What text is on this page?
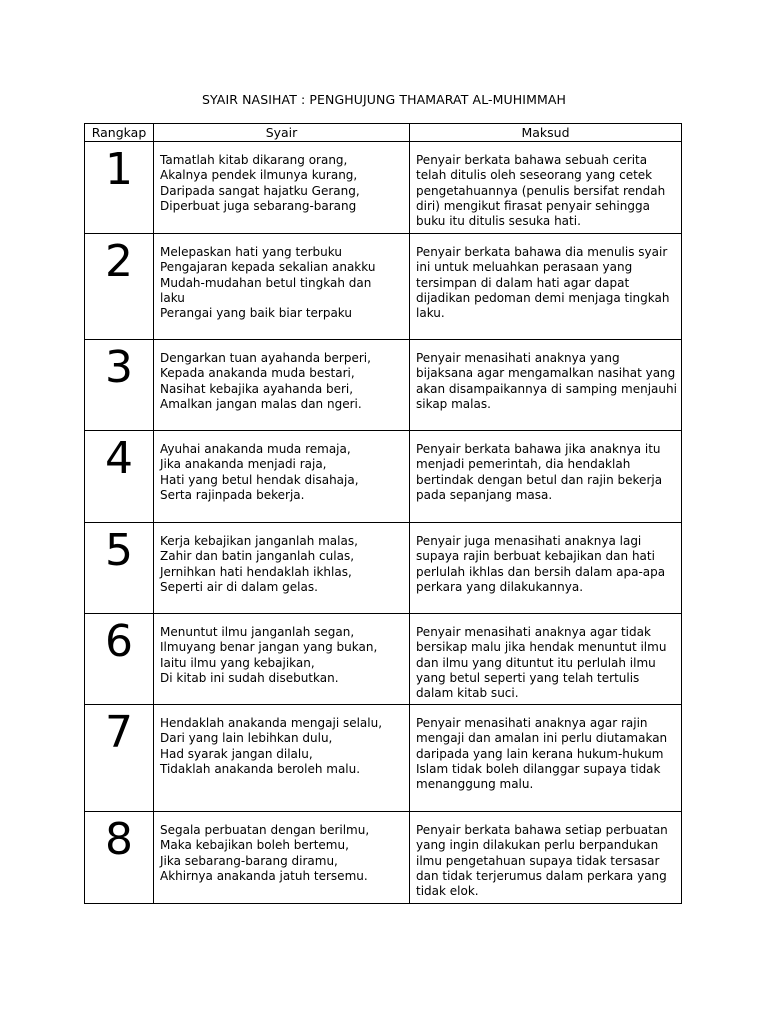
SYAIR NASIHAT : PENGHUJUNG THAMARAT AL-MUHIMMAH
Rangkap	Syair	Maksud

1	Tamatlah kitab dikarang orang,
Akalnya pendek ilmunya kurang,
Daripada sangat hajatku Gerang,
Diperbuat juga sebarang-barang	Penyair berkata bahawa sebuah cerita telah ditulis oleh seseorang yang cetek pengetahuannya (penulis bersifat rendah diri) mengikut firasat penyair sehingga buku itu ditulis sesuka hati.

2	Melepaskan hati yang terbuku
Pengajaran kepada sekalian anakku
Mudah-mudahan betul tingkah dan
laku
Perangai yang baik biar terpaku	Penyair berkata bahawa dia menulis syair ini untuk meluahkan perasaan yang tersimpan di dalam hati agar dapat dijadikan pedoman demi menjaga tingkah laku.

3	Dengarkan tuan ayahanda berperi,
Kepada anakanda muda bestari,
Nasihat kebajika ayahanda beri,
Amalkan jangan malas dan ngeri.	Penyair menasihati anaknya yang bijaksana agar mengamalkan nasihat yang akan disampaikannya di samping menjauhi sikap malas.

4	Ayuhai anakanda muda remaja,
Jika anakanda menjadi raja,
Hati yang betul hendak disahaja,
Serta rajinpada bekerja.	Penyair berkata bahawa jika anaknya itu menjadi pemerintah, dia hendaklah bertindak dengan betul dan rajin bekerja pada sepanjang masa.

5	Kerja kebajikan janganlah malas,
Zahir dan batin janganlah culas,
Jernihkan hati hendaklah ikhlas,
Seperti air di dalam gelas.	Penyair juga menasihati anaknya lagi supaya rajin berbuat kebajikan dan hati perlulah ikhlas dan bersih dalam apa-apa perkara yang dilakukannya.

6	Menuntut ilmu janganlah segan,
Ilmuyang benar jangan yang bukan,
Iaitu ilmu yang kebajikan,
Di kitab ini sudah disebutkan.	Penyair menasihati anaknya agar tidak bersikap malu jika hendak menuntut ilmu dan ilmu yang dituntut itu perlulah ilmu yang betul seperti yang telah tertulis dalam kitab suci.

7	Hendaklah anakanda mengaji selalu,
Dari yang lain lebihkan dulu,
Had syarak jangan dilalu,
Tidaklah anakanda beroleh malu.	Penyair menasihati anaknya agar rajin mengaji dan amalan ini perlu diutamakan daripada yang lain kerana hukum-hukum Islam tidak boleh dilanggar supaya tidak menanggung malu.

8	Segala perbuatan dengan berilmu,
Maka kebajikan boleh bertemu,
Jika sebarang-barang diramu,
Akhirnya anakanda jatuh tersemu.	Penyair berkata bahawa setiap perbuatan yang ingin dilakukan perlu berpandukan ilmu pengetahuan supaya tidak tersasar dan tidak terjerumus dalam perkara yang tidak elok.
